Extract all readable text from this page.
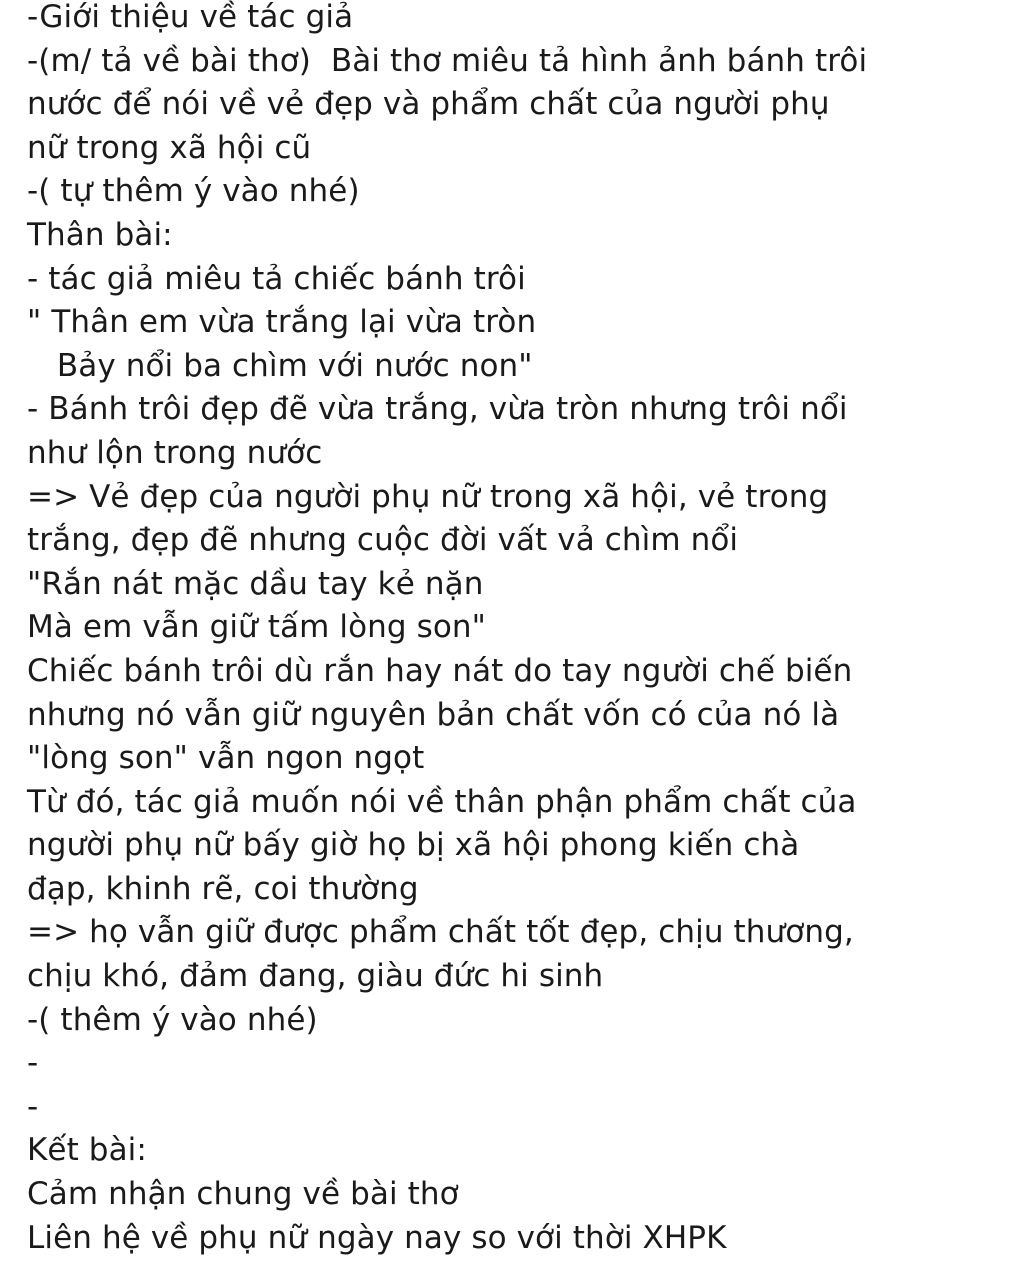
-Giới thiệu về tác giả
-(m/ tả về bài thơ)  Bài thơ miêu tả hình ảnh bánh trôi
nước để nói về vẻ đẹp và phẩm chất của người phụ
nữ trong xã hội cũ
-( tự thêm ý vào nhé)
Thân bài:
- tác giả miêu tả chiếc bánh trôi
" Thân em vừa trắng lại vừa tròn
Bảy nổi ba chìm với nước non"
- Bánh trôi đẹp đẽ vừa trắng, vừa tròn nhưng trôi nổi
như lộn trong nước
=> Vẻ đẹp của người phụ nữ trong xã hội, vẻ trong
trắng, đẹp đẽ nhưng cuộc đời vất vả chìm nổi
"Rắn nát mặc dầu tay kẻ nặn
Mà em vẫn giữ tấm lòng son"
Chiếc bánh trôi dù rắn hay nát do tay người chế biến
nhưng nó vẫn giữ nguyên bản chất vốn có của nó là
"lòng son" vẫn ngon ngọt
Từ đó, tác giả muốn nói về thân phận phẩm chất của
người phụ nữ bấy giờ họ bị xã hội phong kiến chà
đạp, khinh rẽ, coi thường
=> họ vẫn giữ được phẩm chất tốt đẹp, chịu thương,
chịu khó, đảm đang, giàu đức hi sinh
-( thêm ý vào nhé)
-
-
Kết bài:
Cảm nhận chung về bài thơ
Liên hệ về phụ nữ ngày nay so với thời XHPK
